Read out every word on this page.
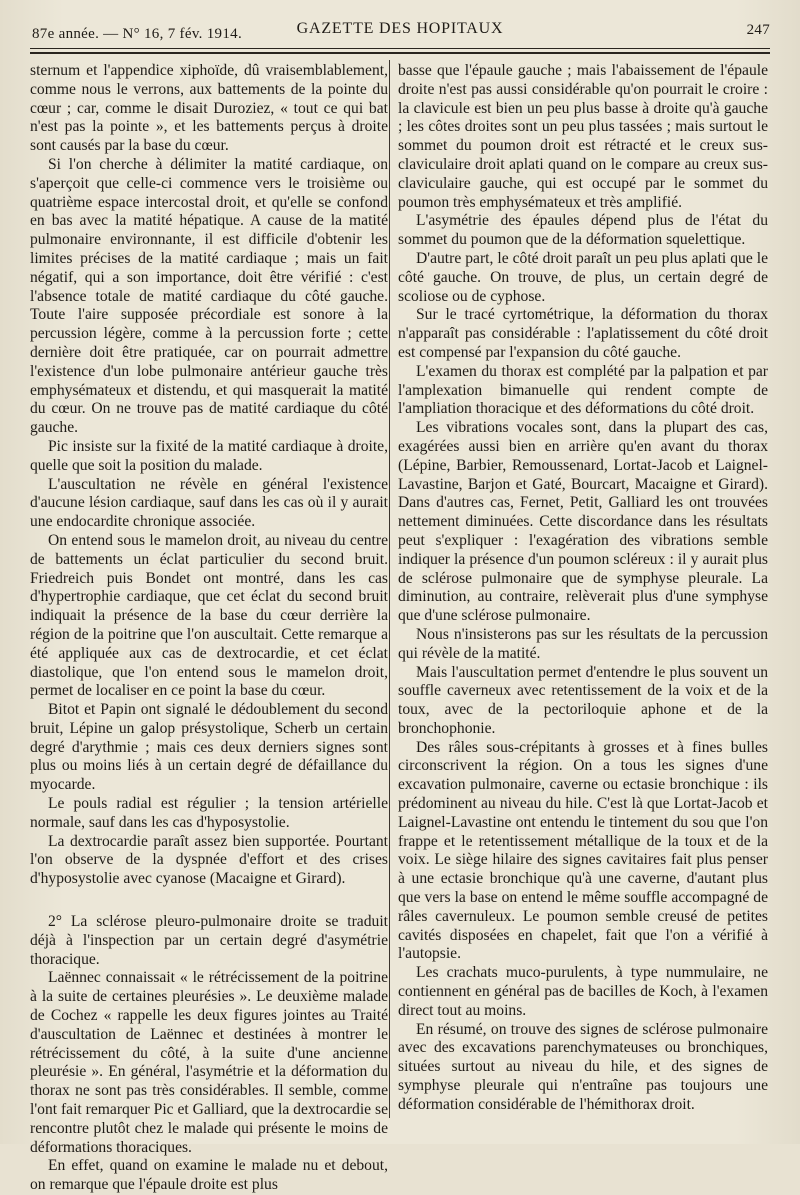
87e année. — N° 16, 7 fév. 1914.	GAZETTE DES HOPITAUX	247

sternum et l'appendice xiphoïde, dû vraisemblablement, comme nous le verrons, aux battements de la pointe du cœur ; car, comme le disait Duroziez, « tout ce qui bat n'est pas la pointe », et les battements perçus à droite sont causés par la base du cœur.

Si l'on cherche à délimiter la matité cardiaque, on s'aperçoit que celle-ci commence vers le troisième ou quatrième espace intercostal droit, et qu'elle se confond en bas avec la matité hépatique. A cause de la matité pulmonaire environnante, il est difficile d'obtenir les limites précises de la matité cardiaque ; mais un fait négatif, qui a son importance, doit être vérifié : c'est l'absence totale de matité cardiaque du côté gauche. Toute l'aire supposée précordiale est sonore à la percussion légère, comme à la percussion forte ; cette dernière doit être pratiquée, car on pourrait admettre l'existence d'un lobe pulmonaire antérieur gauche très emphysémateux et distendu, et qui masquerait la matité du cœur. On ne trouve pas de matité cardiaque du côté gauche.

Pic insiste sur la fixité de la matité cardiaque à droite, quelle que soit la position du malade.

L'auscultation ne révèle en général l'existence d'aucune lésion cardiaque, sauf dans les cas où il y aurait une endocardite chronique associée.

On entend sous le mamelon droit, au niveau du centre de battements un éclat particulier du second bruit. Friedreich puis Bondet ont montré, dans les cas d'hypertrophie cardiaque, que cet éclat du second bruit indiquait la présence de la base du cœur derrière la région de la poitrine que l'on auscultait. Cette remarque a été appliquée aux cas de dextrocardie, et cet éclat diastolique, que l'on entend sous le mamelon droit, permet de localiser en ce point la base du cœur.

Bitot et Papin ont signalé le dédoublement du second bruit, Lépine un galop présystolique, Scherb un certain degré d'arythmie ; mais ces deux derniers signes sont plus ou moins liés à un certain degré de défaillance du myocarde.

Le pouls radial est régulier ; la tension artérielle normale, sauf dans les cas d'hyposystolie.

La dextrocardie paraît assez bien supportée. Pourtant l'on observe de la dyspnée d'effort et des crises d'hyposystolie avec cyanose (Macaigne et Girard).

2° La sclérose pleuro-pulmonaire droite se traduit déjà à l'inspection par un certain degré d'asymétrie thoracique.

Laënnec connaissait « le rétrécissement de la poitrine à la suite de certaines pleurésies ». Le deuxième malade de Cochez « rappelle les deux figures jointes au Traité d'auscultation de Laënnec et destinées à montrer le rétrécissement du côté, à la suite d'une ancienne pleurésie ». En général, l'asymétrie et la déformation du thorax ne sont pas très considérables. Il semble, comme l'ont fait remarquer Pic et Galliard, que la dextrocardie se rencontre plutôt chez le malade qui présente le moins de déformations thoraciques.

En effet, quand on examine le malade nu et debout, on remarque que l'épaule droite est plus

basse que l'épaule gauche ; mais l'abaissement de l'épaule droite n'est pas aussi considérable qu'on pourrait le croire : la clavicule est bien un peu plus basse à droite qu'à gauche ; les côtes droites sont un peu plus tassées ; mais surtout le sommet du poumon droit est rétracté et le creux sus-claviculaire droit aplati quand on le compare au creux sus-claviculaire gauche, qui est occupé par le sommet du poumon très emphysémateux et très amplifié.

L'asymétrie des épaules dépend plus de l'état du sommet du poumon que de la déformation squelettique.

D'autre part, le côté droit paraît un peu plus aplati que le côté gauche. On trouve, de plus, un certain degré de scoliose ou de cyphose.

Sur le tracé cyrtométrique, la déformation du thorax n'apparaît pas considérable : l'aplatissement du côté droit est compensé par l'expansion du côté gauche.

L'examen du thorax est complété par la palpation et par l'amplexation bimanuelle qui rendent compte de l'ampliation thoracique et des déformations du côté droit.

Les vibrations vocales sont, dans la plupart des cas, exagérées aussi bien en arrière qu'en avant du thorax (Lépine, Barbier, Remoussenard, Lortat-Jacob et Laignel-Lavastine, Barjon et Gaté, Bourcart, Macaigne et Girard). Dans d'autres cas, Fernet, Petit, Galliard les ont trouvées nettement diminuées. Cette discordance dans les résultats peut s'expliquer : l'exagération des vibrations semble indiquer la présence d'un poumon scléreux : il y aurait plus de sclérose pulmonaire que de symphyse pleurale. La diminution, au contraire, relèverait plus d'une symphyse que d'une sclérose pulmonaire.

Nous n'insisterons pas sur les résultats de la percussion qui révèle de la matité.

Mais l'auscultation permet d'entendre le plus souvent un souffle caverneux avec retentissement de la voix et de la toux, avec de la pectoriloquie aphone et de la bronchophonie.

Des râles sous-crépitants à grosses et à fines bulles circonscrivent la région. On a tous les signes d'une excavation pulmonaire, caverne ou ectasie bronchique : ils prédominent au niveau du hile. C'est là que Lortat-Jacob et Laignel-Lavastine ont entendu le tintement du sou que l'on frappe et le retentissement métallique de la toux et de la voix. Le siège hilaire des signes cavitaires fait plus penser à une ectasie bronchique qu'à une caverne, d'autant plus que vers la base on entend le même souffle accompagné de râles cavernuleux. Le poumon semble creusé de petites cavités disposées en chapelet, fait que l'on a vérifié à l'autopsie.

Les crachats muco-purulents, à type nummulaire, ne contiennent en général pas de bacilles de Koch, à l'examen direct tout au moins.

En résumé, on trouve des signes de sclérose pulmonaire avec des excavations parenchymateuses ou bronchiques, situées surtout au niveau du hile, et des signes de symphyse pleurale qui n'entraîne pas toujours une déformation considérable de l'hémithorax droit.
